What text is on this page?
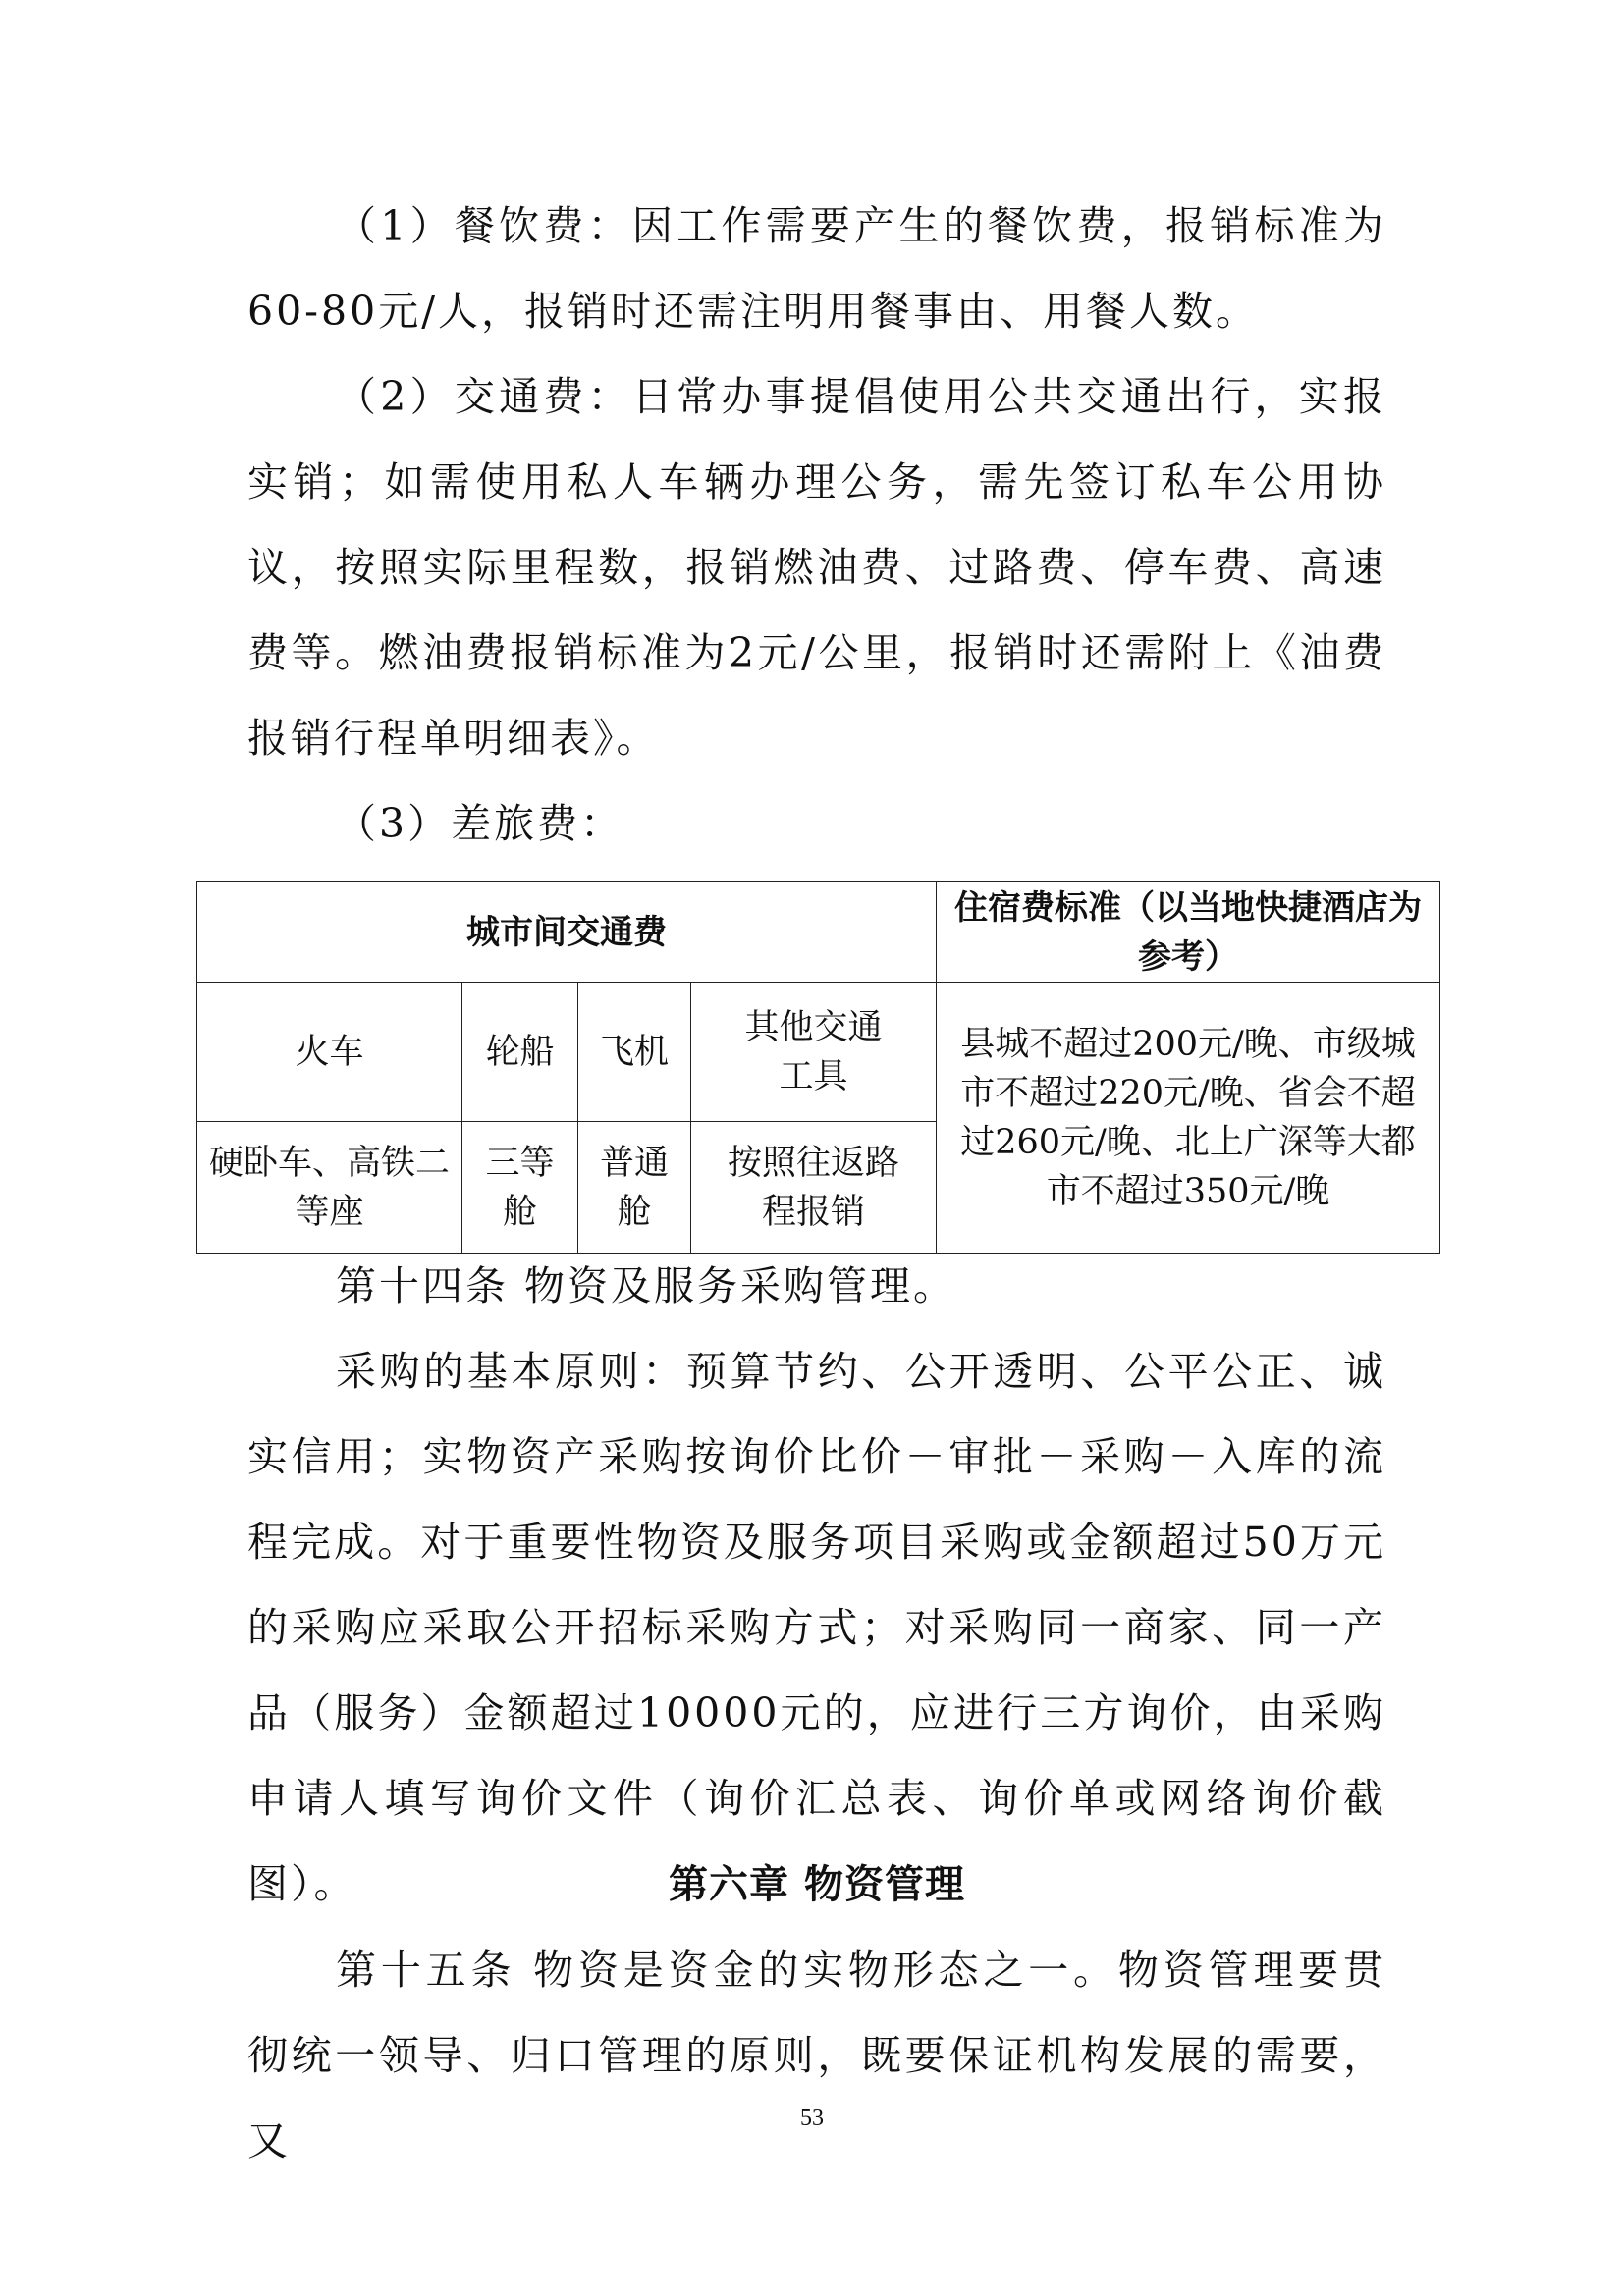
（1）餐饮费：因工作需要产生的餐饮费，报销标准为60-80元/人，报销时还需注明用餐事由、用餐人数。

（2）交通费：日常办事提倡使用公共交通出行，实报实销；如需使用私人车辆办理公务，需先签订私车公用协议，按照实际里程数，报销燃油费、过路费、停车费、高速费等。燃油费报销标准为2元/公里，报销时还需附上《油费报销行程单明细表》。

（3）差旅费：

城市间交通费				住宿费标准（以当地快捷酒店为参考）
火车	轮船	飞机	其他交通工具	县城不超过200元/晚、市级城市不超过220元/晚、省会不超过260元/晚、北上广深等大都市不超过350元/晚
硬卧车、高铁二等座	三等舱	普通舱	按照往返路程报销	

第十四条 物资及服务采购管理。

采购的基本原则：预算节约、公开透明、公平公正、诚实信用；实物资产采购按询价比价－审批－采购－入库的流程完成。对于重要性物资及服务项目采购或金额超过50万元的采购应采取公开招标采购方式；对采购同一商家、同一产品（服务）金额超过10000元的，应进行三方询价，由采购申请人填写询价文件（询价汇总表、询价单或网络询价截图）。	第六章 物资管理

第十五条 物资是资金的实物形态之一。物资管理要贯彻统一领导、归口管理的原则，既要保证机构发展的需要，又	53
